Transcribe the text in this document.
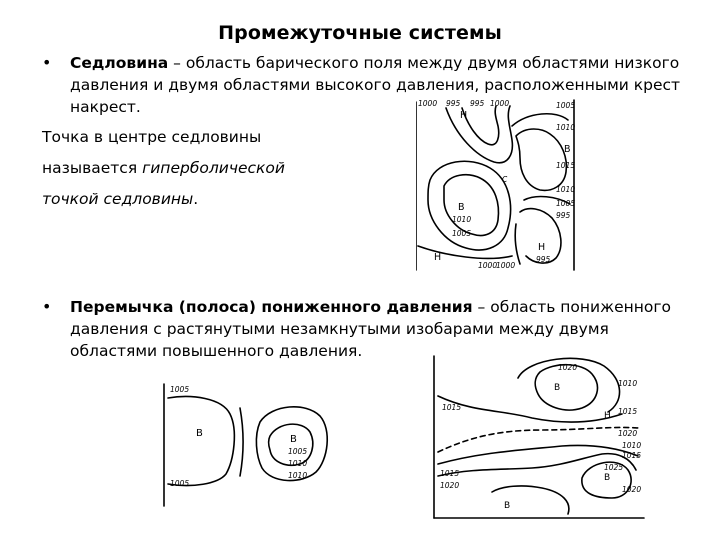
Промежуточные системы
• Седловина – область барического поля между двумя областями низкого давления и двумя областями высокого давления, расположенными крест накрест.
Точка в центре седловины
называется гиперболической
точкой седловины.
• Перемычка (полоса) пониженного давления – область пониженного давления с растянутыми незамкнутыми изобарами между двумя областями повышенного давления.
1000 995 995 1000	1005
1010
1015
1010
1005
995
1010
1005
1000
1000
995
С
Н
В
В
Н
Н
1005
1005
1005
1010
1010
В
В
1020
1015
1015
1020
1010
1015
1020
1025
1010
1015
1020
В
Н
В
В
